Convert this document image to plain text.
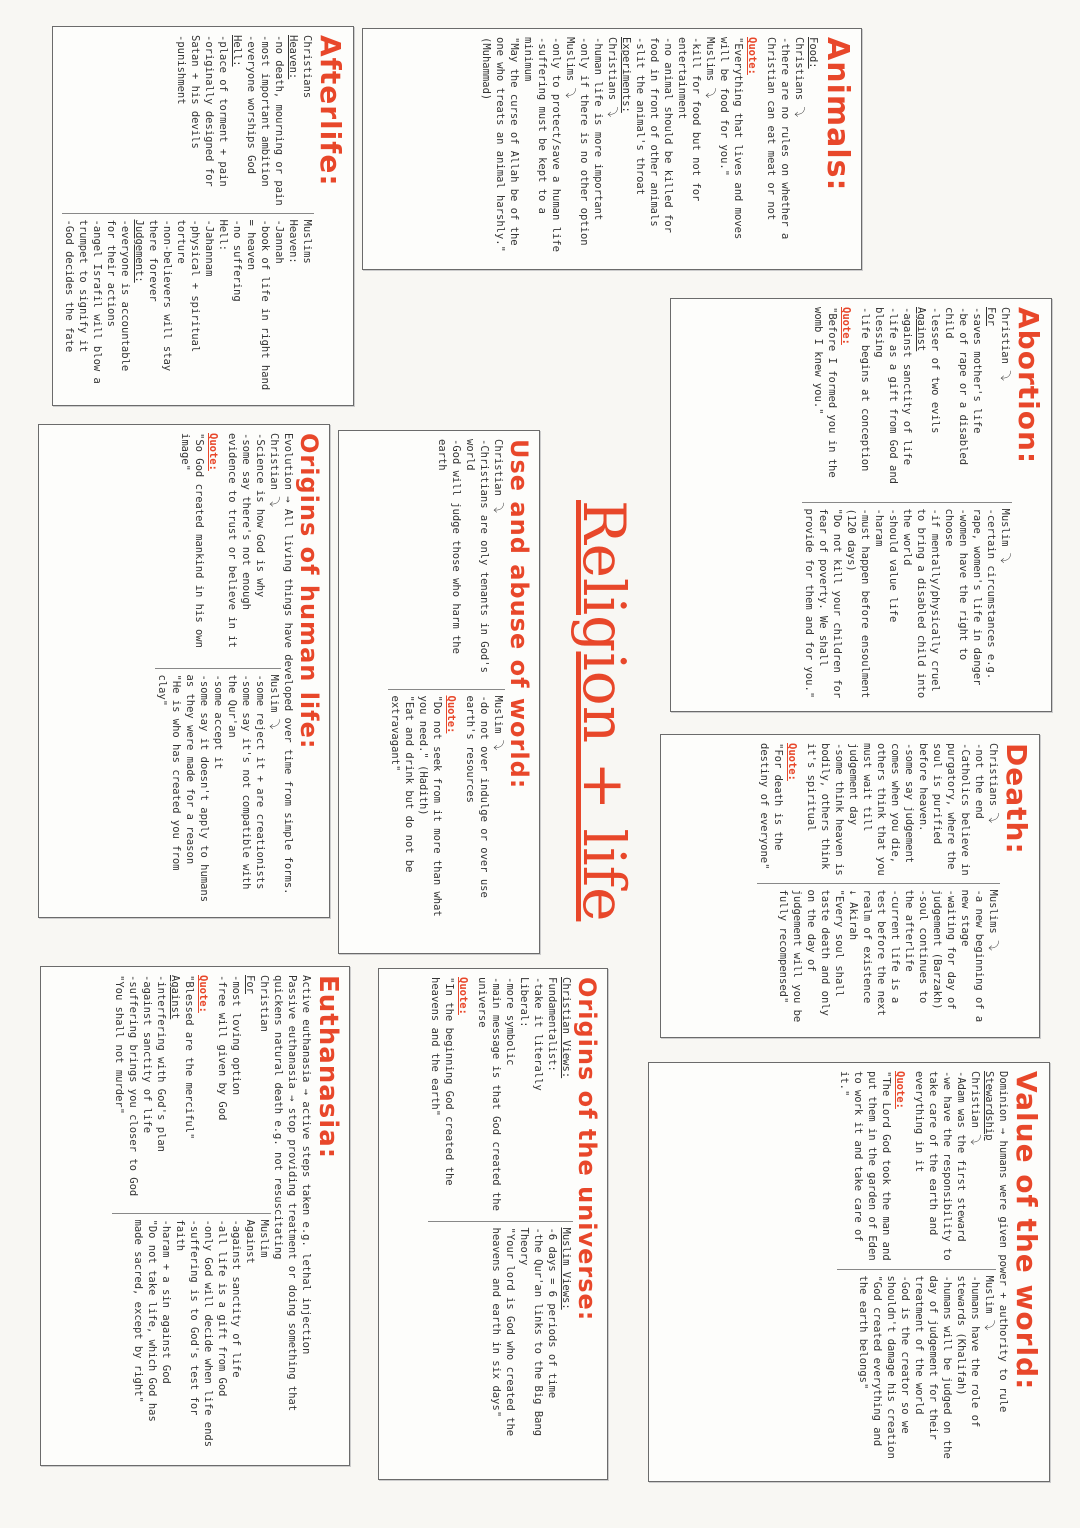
Religion + life
Animals:
Food:
Christians ⤵
-there are no rules on whether a Christian can eat meat or not
Quote:
"Everything that lives and moves will be food for you."
Muslims ⤵
-kill for food but not for entertainment
-no animal should be killed for food in front of other animals
-slit the animal's throat
Experiments:
Christians ⤵
-human life is more important
-only if there is no other option
Muslims ⤵
-only to protect/save a human life
-suffering must be kept to a minimum
"May the curse of Allah be of the one who treats an animal harshly." (Muhammad)
Afterlife:
Christians
Heaven:
-no death, mourning or pain
-most important ambition
-everyone worships God
Hell:
-place of torment + pain
-originally designed for Satan + his devils
-punishment
Muslims
Heaven:
-Jannah
-book of life in right hand = heaven
-no suffering
Hell:
-Jahannam
-physical + spiritual torture
-non-believers will stay there forever
Judgement:
-everyone is accountable for their actions
-angel Israfil will blow a trumpet to signify it
-God decides the fate	Abortion:
Christian ⤵
For
-saves mother's life
-be of rape or a disabled child
-lesser of two evils
Against
-against sanctity of life
-life as a gift from God and blessing
-life begins at conception
Quote:
"Before I formed you in the womb I knew you."
Muslim ⤵
-certain circumstances e.g. rape, women's life in danger
-women have the right to choose
-if mentally/physically cruel to bring a disabled child into the world
-should value life
-haram
-must happen before ensoulment (120 days)
"Do not kill your children for fear of poverty. We shall provide for them and for you."
Origins of human life:
Evolution → All living things have developed over time from simple forms.
Christian ⤵
-Science is how God is why
-some say there's not enough evidence to trust or believe in it
Quote:
"So God created mankind in his own image"
Muslim ⤵
-some reject it + are creationists
-some say it's not compatible with the Qur'an
-some accept it
-some say it doesn't apply to humans as they were made for a reason
"He is who has created you from clay"	Use and abuse of world:
Christian ⤵
-Christians are only tenants in God's world
-God will judge those who harm the earth
Muslim ⤵
-do not over indulge or over use earth's resources
Quote:
"Do not seek from it more than what you need." (Hadith)
"Eat and drink but do not be extravagant"
Death:
Christians ⤵
-not the end
-Catholics believe in purgatory, where the soul is purified before heaven.
-some say judgement comes when you die, others think that you must wait till judgement day
-some think heaven is bodily, others think it's spiritual
Quote:
"For death is the destiny of everyone"
Muslims ⤵
-a new beginning of a new stage
-waiting for day of judgement (Barzakh)
-soul continues to the afterlife
-current life is a test before the next realm of existence
↓ Akirah
"Every soul shall taste death and only on the day of judgement will you be fully recompensed"
Euthanasia:
Active euthanasia → active steps taken e.g. lethal injection
Passive euthanasia → stop providing treatment or doing something that quickens natural death e.g. not resuscitating
Christian
For
-most loving option
-free will given by God
Quote:
"Blessed are the merciful"
Against
-interfering with God's plan
-against sanctity of life
-suffering brings you closer to God
"You shall not murder"
Muslim
Against
-against sanctity of life
-all life is a gift from God
-only God will decide when life ends
-suffering is to God's test for faith
-haram + a sin against God
"Do not take life, which God has made sacred, except by right"	Origins of the universe:
Christian Views:
Fundamentalist:
-take it literally
Liberal:
-more symbolic
-main message is that God created the universe
Quote:
"In the beginning God created the heavens and the earth"
Muslim Views:
-6 days = 6 periods of time
-the Qur'an links to the Big Bang Theory
"Your lord is God who created the heavens and earth in six days"	Value of the world:
Dominion → humans were given power + authority to rule
Stewardship
Christian ⤵
-Adam was the first steward
-we have the responsibility to take care of the earth and everything in it
Quote:
"The Lord God took the man and put them in the garden of Eden to work it and take care of it."
Muslim ⤵
-humans have the role of stewards (Khalifah)
-humans will be judged on the day of judgement for their treatment of the world
-God is the creator so we shouldn't damage his creation
"God created everything and the earth belongs"
